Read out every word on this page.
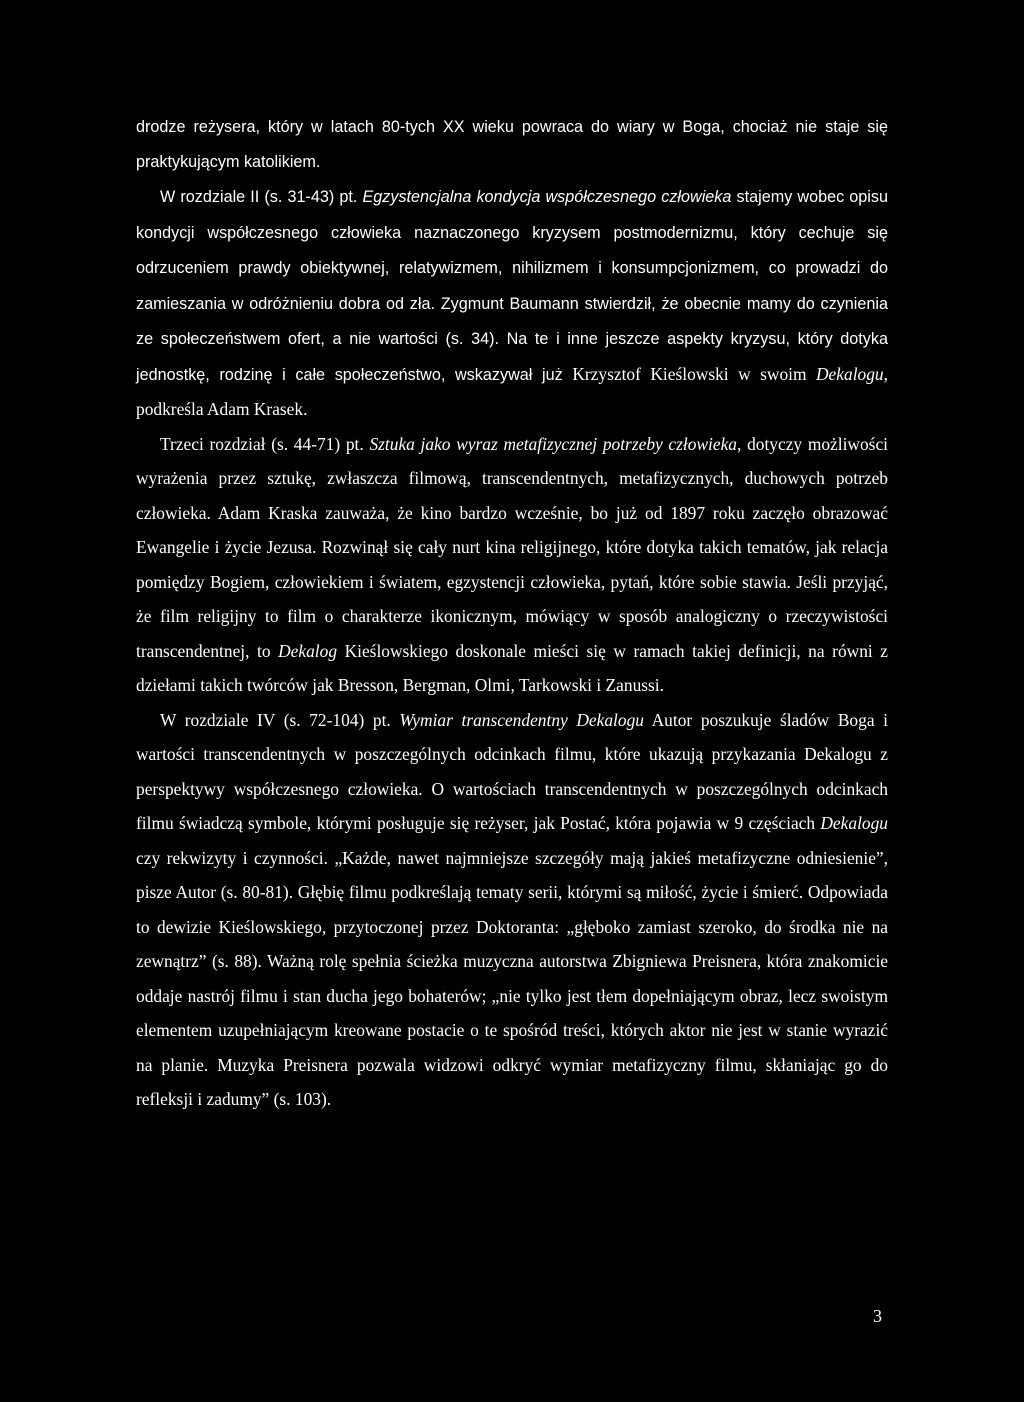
drodze reżysera, który w latach 80-tych XX wieku powraca do wiary w Boga, chociaż nie staje się praktykującym katolikiem.

W rozdziale II (s. 31-43) pt. Egzystencjalna kondycja współczesnego człowieka stajemy wobec opisu kondycji współczesnego człowieka naznaczonego kryzysem postmodernizmu, który cechuje się odrzuceniem prawdy obiektywnej, relatywizmem, nihilizmem i konsumpcjonizmem, co prowadzi do zamieszania w odróżnieniu dobra od zła. Zygmunt Baumann stwierdził, że obecnie mamy do czynienia ze społeczeństwem ofert, a nie wartości (s. 34). Na te i inne jeszcze aspekty kryzysu, który dotyka jednostkę, rodzinę i całe społeczeństwo, wskazywał już Krzysztof Kieślowski w swoim Dekalogu, podkreśla Adam Krasek.

Trzeci rozdział (s. 44-71) pt. Sztuka jako wyraz metafizycznej potrzeby człowieka, dotyczy możliwości wyrażenia przez sztukę, zwłaszcza filmową, transcendentnych, metafizycznych, duchowych potrzeb człowieka. Adam Kraska zauważa, że kino bardzo wcześnie, bo już od 1897 roku zaczęło obrazować Ewangelie i życie Jezusa. Rozwinął się cały nurt kina religijnego, które dotyka takich tematów, jak relacja pomiędzy Bogiem, człowiekiem i światem, egzystencji człowieka, pytań, które sobie stawia. Jeśli przyjąć, że film religijny to film o charakterze ikonicznym, mówiący w sposób analogiczny o rzeczywistości transcendentnej, to Dekalog Kieślowskiego doskonale mieści się w ramach takiej definicji, na równi z dziełami takich twórców jak Bresson, Bergman, Olmi, Tarkowski i Zanussi.

W rozdziale IV (s. 72-104) pt. Wymiar transcendentny Dekalogu Autor poszukuje śladów Boga i wartości transcendentnych w poszczególnych odcinkach filmu, które ukazują przykazania Dekalogu z perspektywy współczesnego człowieka. O wartościach transcendentnych w poszczególnych odcinkach filmu świadczą symbole, którymi posługuje się reżyser, jak Postać, która pojawia w 9 częściach Dekalogu czy rekwizyty i czynności. „Każde, nawet najmniejsze szczegóły mają jakieś metafizyczne odniesienie”, pisze Autor (s. 80-81). Głębię filmu podkreślają tematy serii, którymi są miłość, życie i śmierć. Odpowiada to dewizie Kieślowskiego, przytoczonej przez Doktoranta: „głęboko zamiast szeroko, do środka nie na zewnątrz” (s. 88). Ważną rolę spełnia ścieżka muzyczna autorstwa Zbigniewa Preisnera, która znakomicie oddaje nastrój filmu i stan ducha jego bohaterów; „nie tylko jest tłem dopełniającym obraz, lecz swoistym elementem uzupełniającym kreowane postacie o te spośród treści, których aktor nie jest w stanie wyrazić na planie. Muzyka Preisnera pozwala widzowi odkryć wymiar metafizyczny filmu, skłaniając go do refleksji i zadumy” (s. 103).

3
